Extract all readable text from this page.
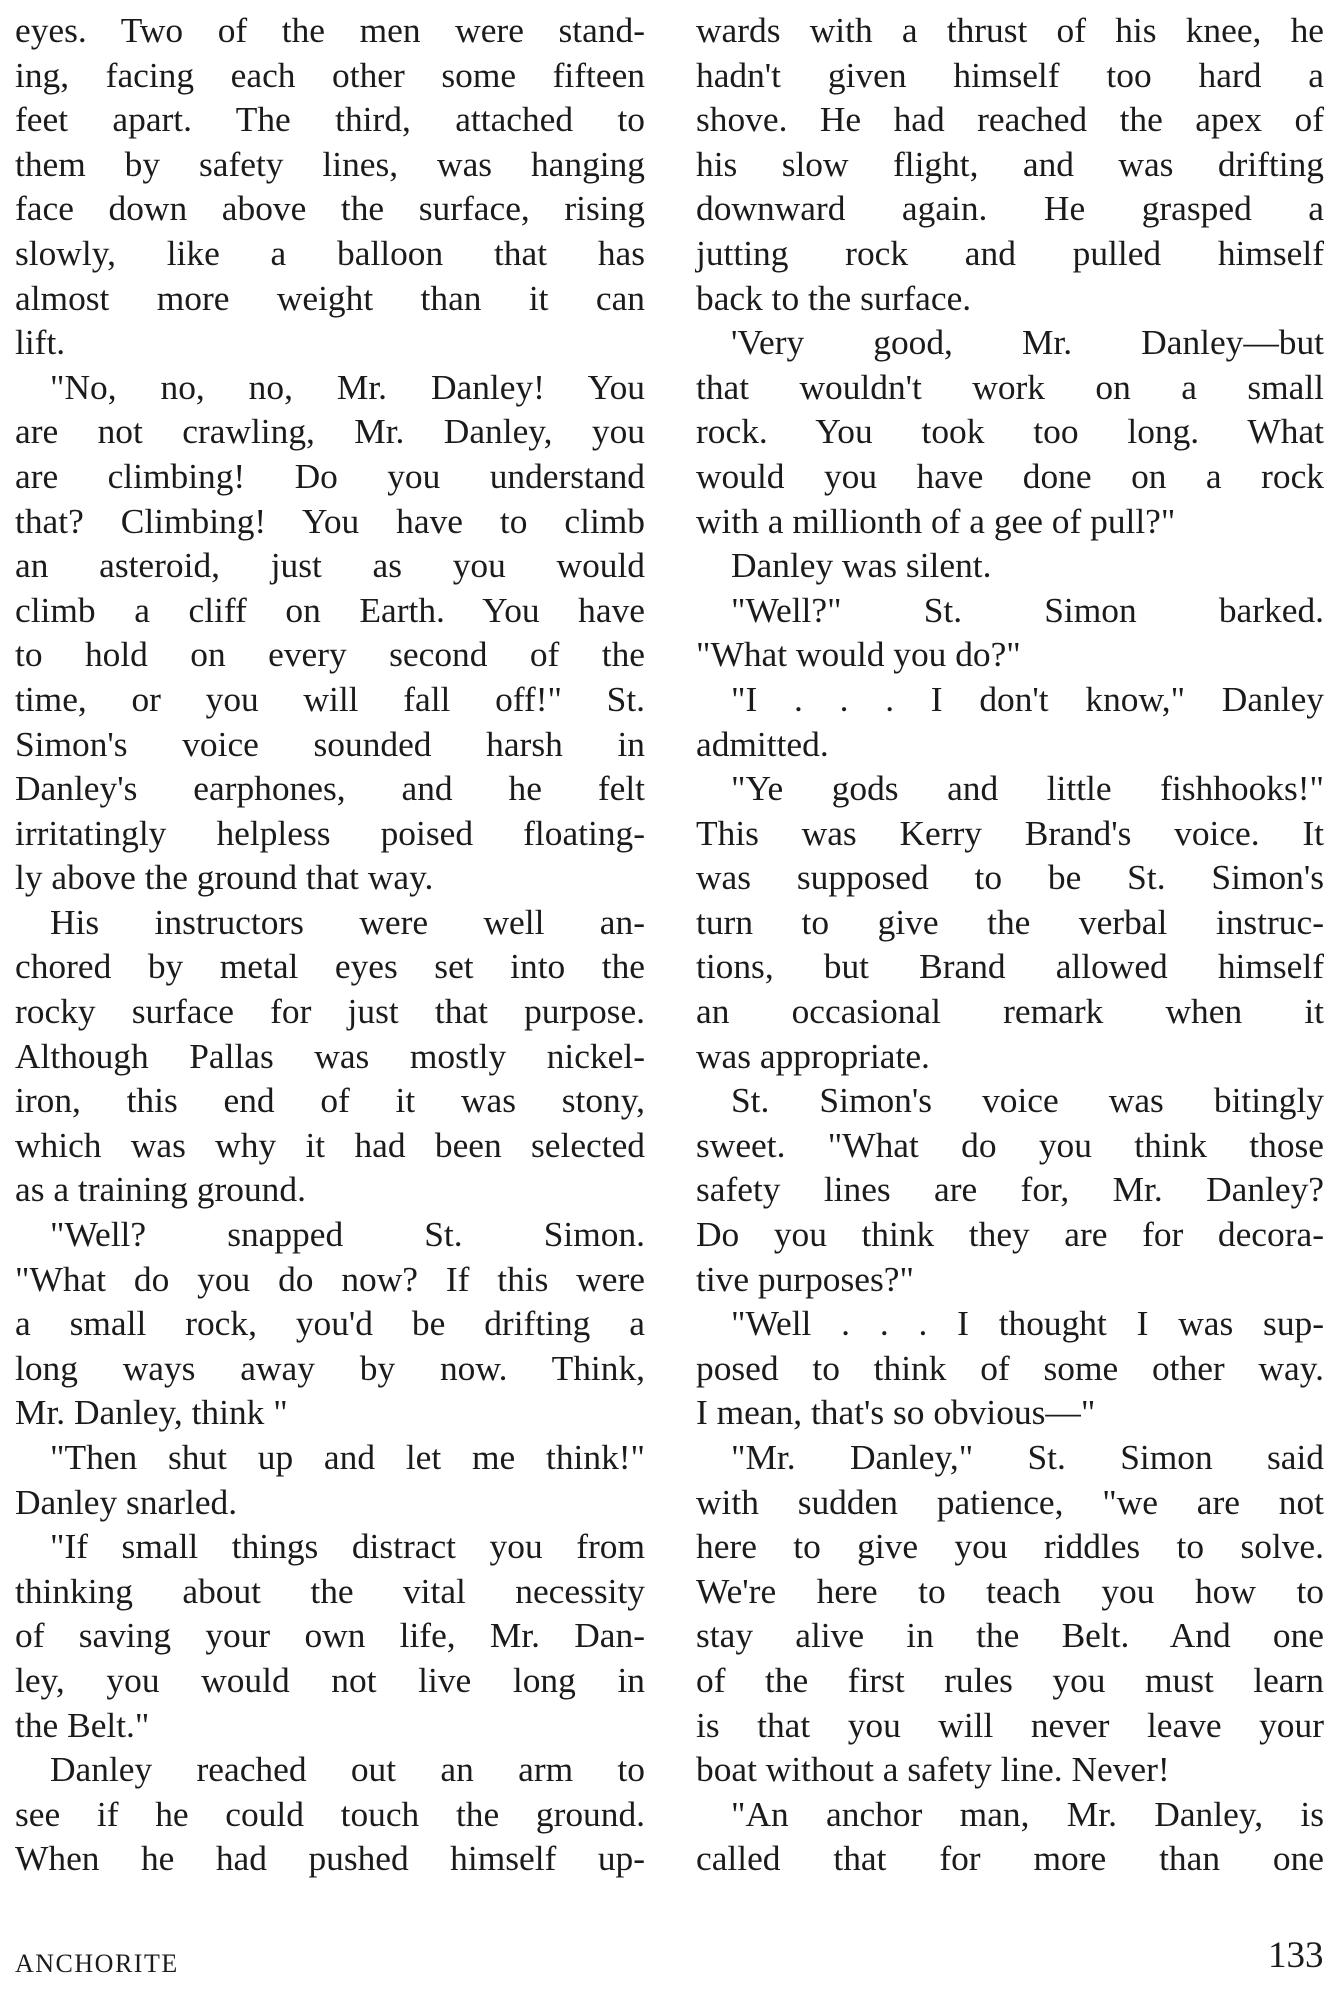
eyes. Two of the men were stand-
ing, facing each other some fifteen
feet apart. The third, attached to
them by safety lines, was hanging
face down above the surface, rising
slowly, like a balloon that has
almost more weight than it can
lift.
"No, no, no, Mr. Danley! You
are not crawling, Mr. Danley, you
are climbing! Do you understand
that? Climbing! You have to climb
an asteroid, just as you would
climb a cliff on Earth. You have
to hold on every second of the
time, or you will fall off!" St.
Simon's voice sounded harsh in
Danley's earphones, and he felt
irritatingly helpless poised floating-
ly above the ground that way.
His instructors were well an-
chored by metal eyes set into the
rocky surface for just that purpose.
Although Pallas was mostly nickel-
iron, this end of it was stony,
which was why it had been selected
as a training ground.
"Well? snapped St. Simon.
"What do you do now? If this were
a small rock, you'd be drifting a
long ways away by now. Think,
Mr. Danley, think "
"Then shut up and let me think!"
Danley snarled.
"If small things distract you from
thinking about the vital necessity
of saving your own life, Mr. Dan-
ley, you would not live long in
the Belt."
Danley reached out an arm to
see if he could touch the ground.
When he had pushed himself up-
wards with a thrust of his knee, he
hadn't given himself too hard a
shove. He had reached the apex of
his slow flight, and was drifting
downward again. He grasped a
jutting rock and pulled himself
back to the surface.
'Very good, Mr. Danley—but
that wouldn't work on a small
rock. You took too long. What
would you have done on a rock
with a millionth of a gee of pull?"
Danley was silent.
"Well?" St. Simon barked.
"What would you do?"
"I . . . I don't know," Danley
admitted.
"Ye gods and little fishhooks!"
This was Kerry Brand's voice. It
was supposed to be St. Simon's
turn to give the verbal instruc-
tions, but Brand allowed himself
an occasional remark when it
was appropriate.
St. Simon's voice was bitingly
sweet. "What do you think those
safety lines are for, Mr. Danley?
Do you think they are for decora-
tive purposes?"
"Well . . . I thought I was sup-
posed to think of some other way.
I mean, that's so obvious—"
"Mr. Danley," St. Simon said
with sudden patience, "we are not
here to give you riddles to solve.
We're here to teach you how to
stay alive in the Belt. And one
of the first rules you must learn
is that you will never leave your
boat without a safety line. Never!
"An anchor man, Mr. Danley, is
called that for more than one
ANCHORITE	133
